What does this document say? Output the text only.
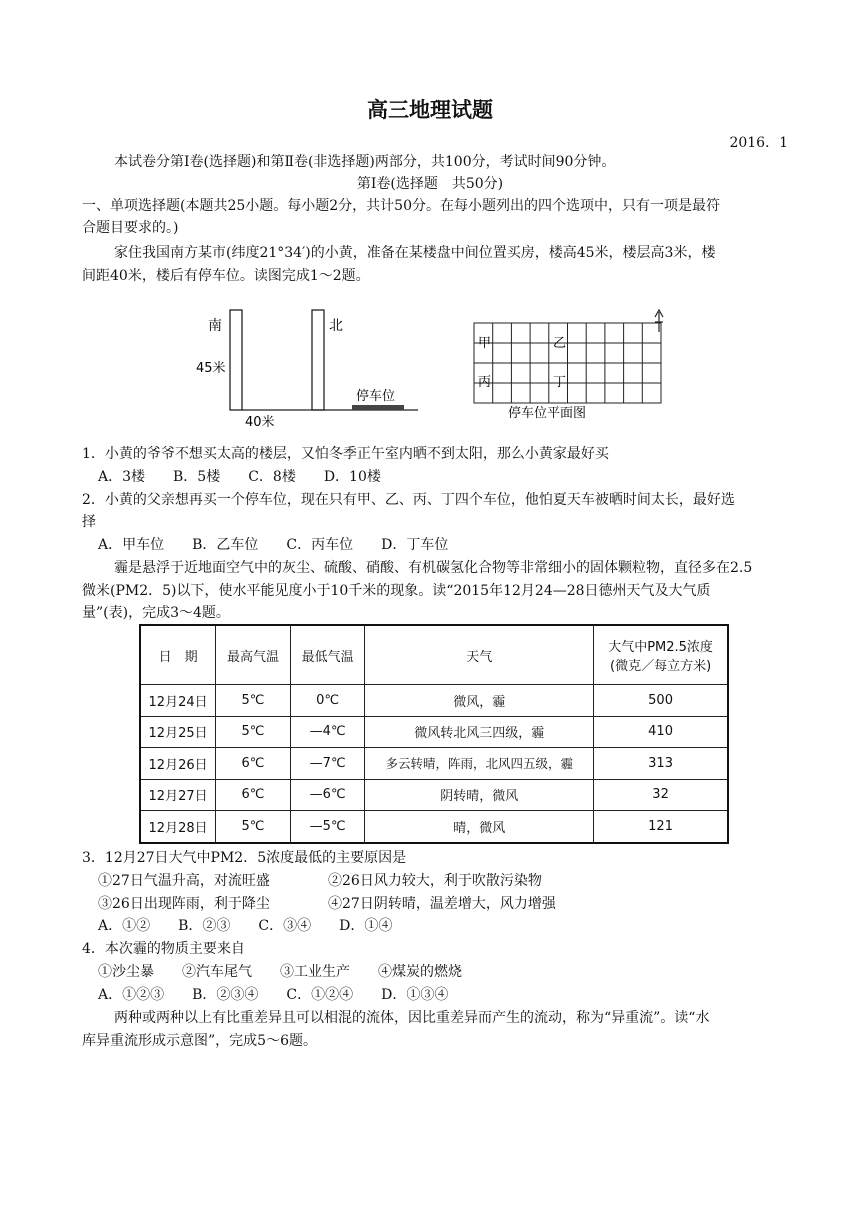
高三地理试题
2016．1
本试卷分第Ⅰ卷(选择题)和第Ⅱ卷(非选择题)两部分，共100分，考试时间90分钟。
第Ⅰ卷(选择题　共50分)
一、单项选择题(本题共25小题。每小题2分，共计50分。在每小题列出的四个选项中，只有一项是最符
合题目要求的。)
家住我国南方某市(纬度21°34′)的小黄，准备在某楼盘中间位置买房，楼高45米，楼层高3米，楼
间距40米，楼后有停车位。读图完成1～2题。
南	北
45米
40米
停车位
甲	乙
丙	丁
停车位平面图
1．小黄的爷爷不想买太高的楼层，又怕冬季正午室内晒不到太阳，那么小黄家最好买
A．3楼　　B．5楼　　C．8楼　　D．10楼
2．小黄的父亲想再买一个停车位，现在只有甲、乙、丙、丁四个车位，他怕夏天车被晒时间太长，最好选
择
A．甲车位　　B．乙车位　　C．丙车位　　D．丁车位
霾是悬浮于近地面空气中的灰尘、硫酸、硝酸、有机碳氢化合物等非常细小的固体颗粒物，直径多在2.5
微米(PM2．5)以下，使水平能见度小于10千米的现象。读“2015年12月24—28日德州天气及大气质
量”(表)，完成3～4题。
日　期	最高气温	最低气温	天气	大气中PM2.5浓度
(微克／每立方米)

12月24日	5℃	0℃	微风，霾	500
12月25日	5℃	—4℃	微风转北风三四级，霾	410
12月26日	6℃	—7℃	多云转晴，阵雨，北风四五级，霾	313
12月27日	6℃	—6℃	阴转晴，微风	32
12月28日	5℃	—5℃	晴，微风	121
3．12月27日大气中PM2．5浓度最低的主要原因是
①27日气温升高，对流旺盛	②26日风力较大，利于吹散污染物
③26日出现阵雨，利于降尘	④27日阴转晴，温差增大，风力增强
A．①②　　B．②③　　C．③④　　D．①④
4．本次霾的物质主要来自
①沙尘暴　　②汽车尾气　　③工业生产　　④煤炭的燃烧
A．①②③　　B．②③④　　C．①②④　　D．①③④
两种或两种以上有比重差异且可以相混的流体，因比重差异而产生的流动，称为“异重流”。读“水
库异重流形成示意图”，完成5～6题。
